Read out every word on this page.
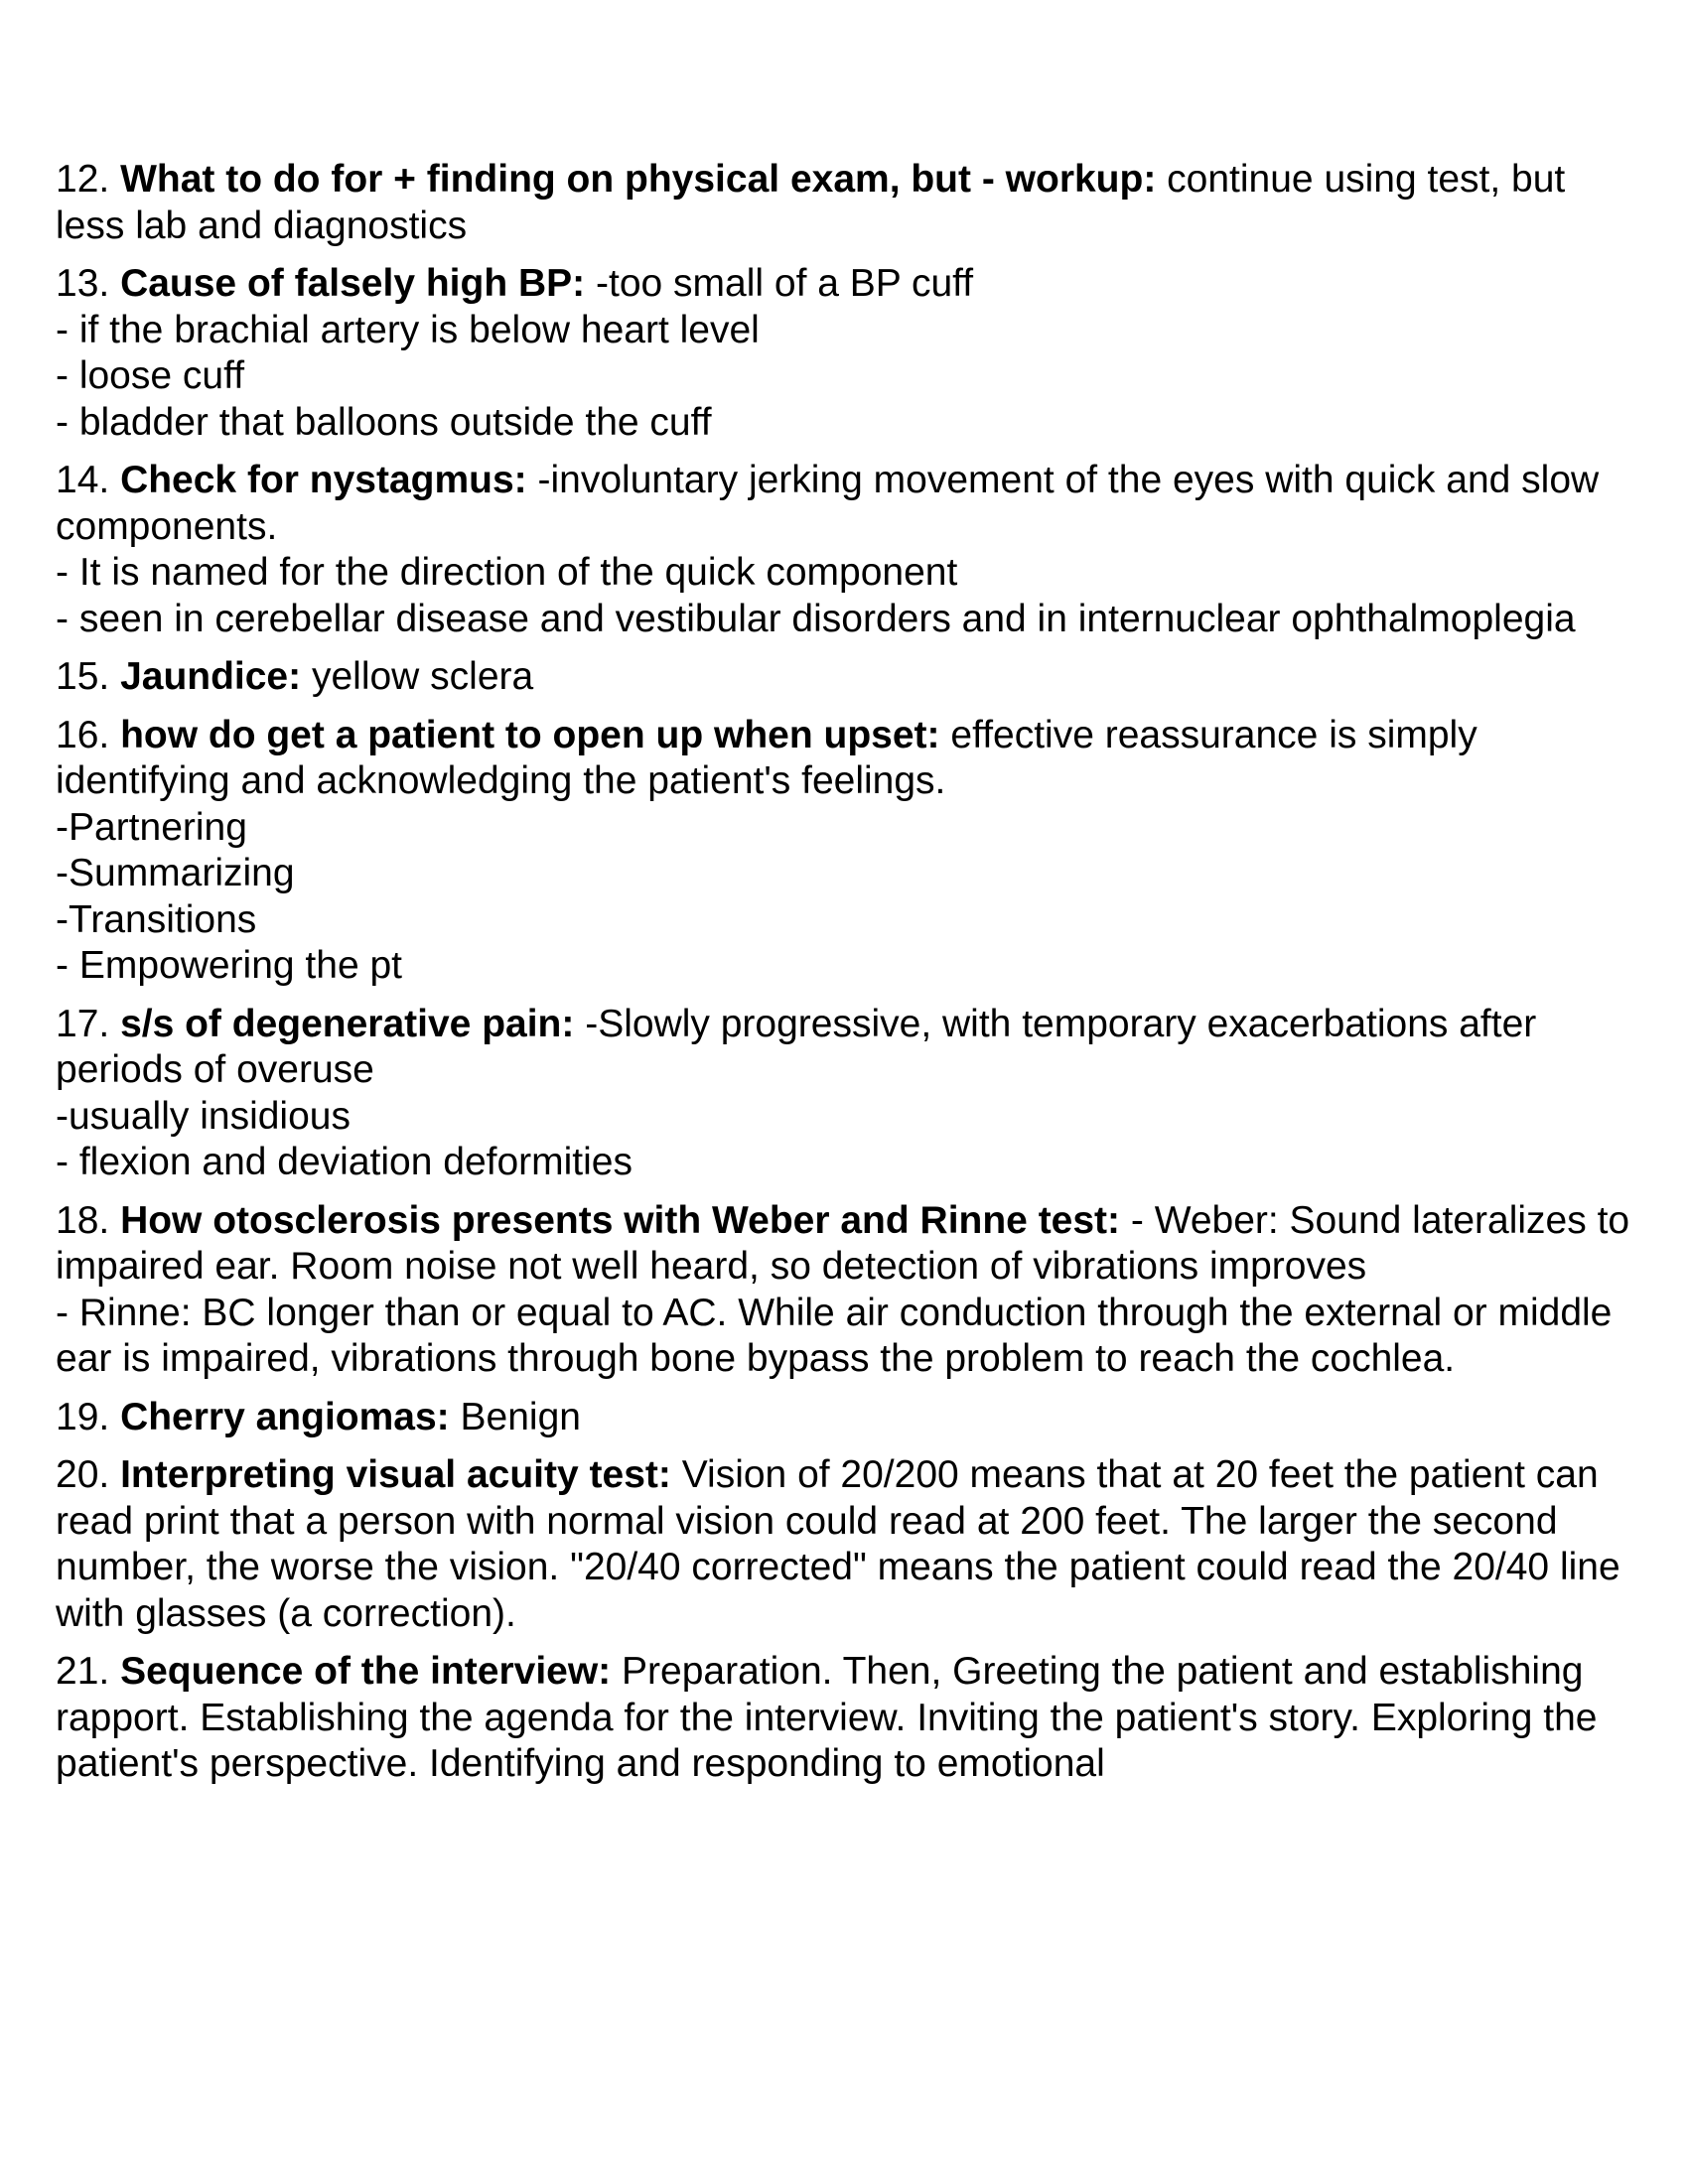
12. What to do for + finding on physical exam, but - workup: continue using test, but less lab and diagnostics

13. Cause of falsely high BP: -too small of a BP cuff

- if the brachial artery is below heart level

- loose cuff

- bladder that balloons outside the cuff

14. Check for nystagmus: -involuntary jerking movement of the eyes with quick and slow components.

- It is named for the direction of the quick component

- seen in cerebellar disease and vestibular disorders and in internuclear ophthalmoplegia

15. Jaundice: yellow sclera

16. how do get a patient to open up when upset: effective reassurance is simply identifying and acknowledging the patient's feelings.

-Partnering

-Summarizing

-Transitions

- Empowering the pt

17. s/s of degenerative pain: -Slowly progressive, with temporary exacerbations after periods of overuse

-usually insidious

- flexion and deviation deformities

18. How otosclerosis presents with Weber and Rinne test: - Weber: Sound lateralizes to impaired ear. Room noise not well heard, so detection of vibrations improves

- Rinne: BC longer than or equal to AC. While air conduction through the external or middle ear is impaired, vibrations through bone bypass the problem to reach the cochlea.

19. Cherry angiomas: Benign

20. Interpreting visual acuity test: Vision of 20/200 means that at 20 feet the patient can read print that a person with normal vision could read at 200 feet. The larger the second number, the worse the vision. "20/40 corrected" means the patient could read the 20/40 line with glasses (a correction).

21. Sequence of the interview: Preparation. Then, Greeting the patient and establishing rapport. Establishing the agenda for the interview. Inviting the patient's story. Exploring the patient's perspective. Identifying and responding to emotional
